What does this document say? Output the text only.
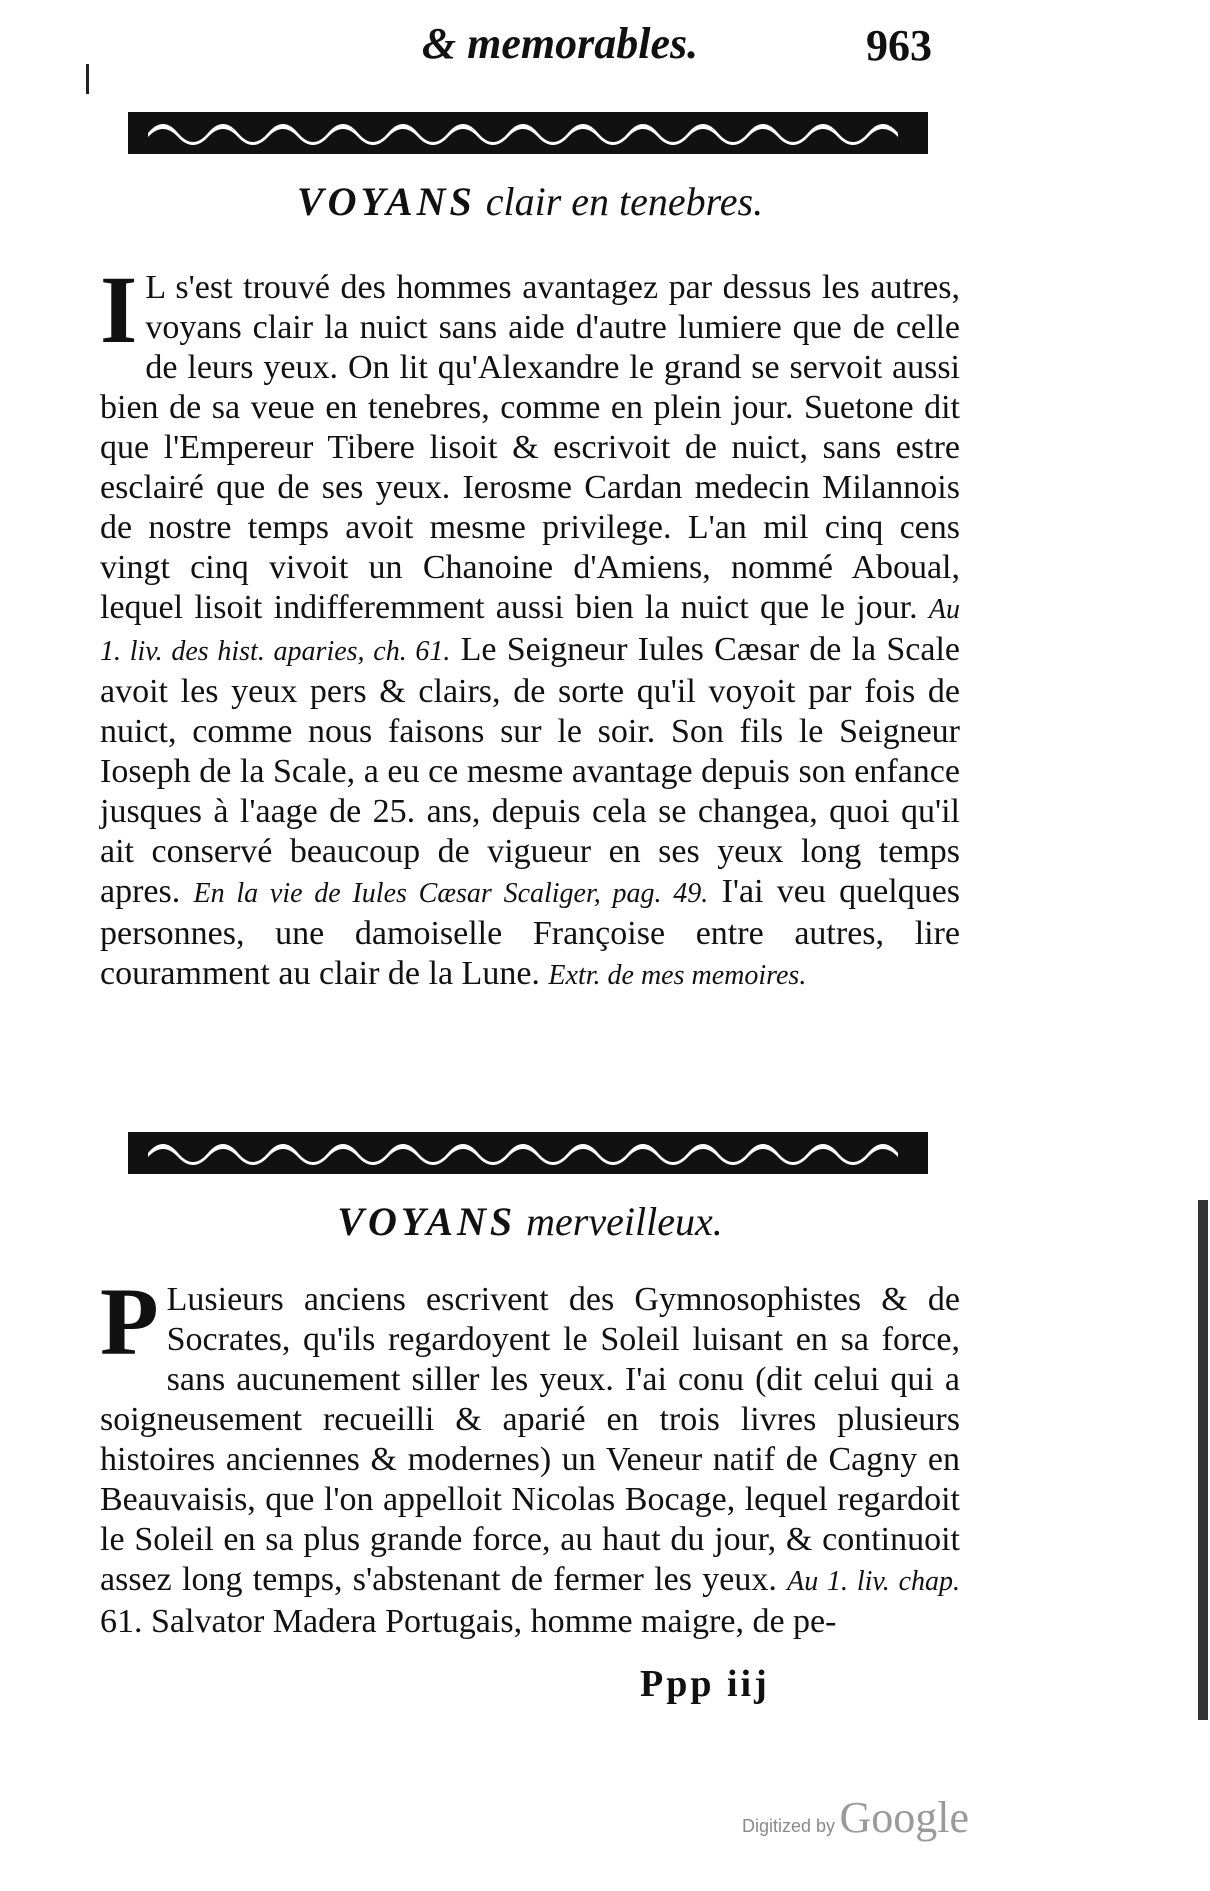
& memorables.	963
VOYANS clair en tenebres.

I L s'est trouvé des hommes avantagez par dessus les autres, voyans clair la nuict sans aide d'autre lumiere que de celle de leurs yeux. On lit qu'Alexandre le grand se servoit aussi bien de sa veue en tenebres, comme en plein jour. Suetone dit que l'Empereur Tibere lisoit & escrivoit de nuict, sans estre esclairé que de ses yeux. Ierosme Cardan medecin Milannois de nostre temps avoit mesme privilege. L'an mil cinq cens vingt cinq vivoit un Chanoine d'Amiens, nommé Aboual, lequel lisoit indifferemment aussi bien la nuict que le jour. Au 1. liv. des hist. aparies, ch. 61. Le Seigneur Iules Cæsar de la Scale avoit les yeux pers & clairs, de sorte qu'il voyoit par fois de nuict, comme nous faisons sur le soir. Son fils le Seigneur Ioseph de la Scale, a eu ce mesme avantage depuis son enfance jusques à l'aage de 25. ans, depuis cela se changea, quoi qu'il ait conservé beaucoup de vigueur en ses yeux long temps apres. En la vie de Iules Cæsar Scaliger, pag. 49. I'ai veu quelques personnes, une damoiselle Françoise entre autres, lire couramment au clair de la Lune. Extr. de mes memoires.

VOYANS merveilleux.

P Lusieurs anciens escrivent des Gymnosophistes & de Socrates, qu'ils regardoyent le Soleil luisant en sa force, sans aucunement siller les yeux. I'ai conu (dit celui qui a soigneusement recueilli & aparié en trois livres plusieurs histoires anciennes & modernes) un Veneur natif de Cagny en Beauvaisis, que l'on appelloit Nicolas Bocage, lequel regardoit le Soleil en sa plus grande force, au haut du jour, & continuoit assez long temps, s'abstenant de fermer les yeux. Au 1. liv. chap. 61. Salvator Madera Portugais, homme maigre, de pe-

Ppp iij
Digitized by Google
